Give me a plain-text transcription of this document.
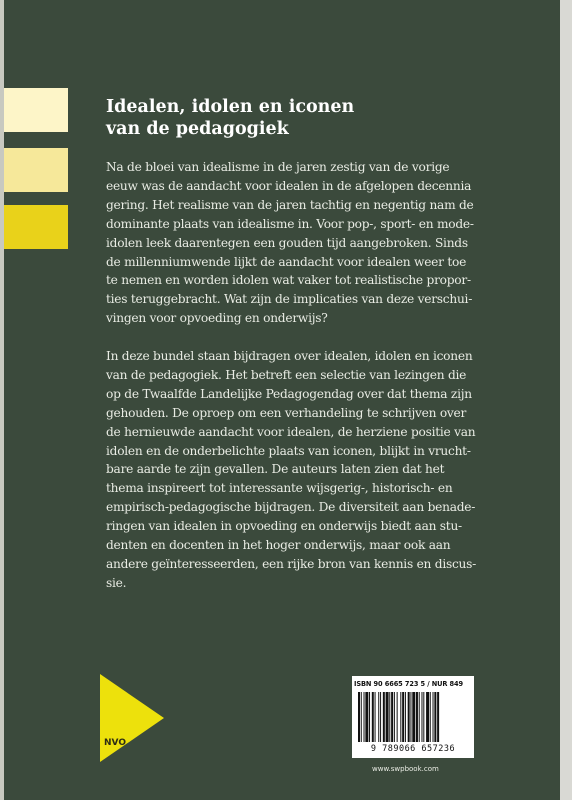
Idealen, idolen en iconen
van de pedagogiek
Na de bloei van idealisme in de jaren zestig van de vorige
eeuw was de aandacht voor idealen in de afgelopen decennia
gering. Het realisme van de jaren tachtig en negentig nam de
dominante plaats van idealisme in. Voor pop-, sport- en mode-
idolen leek daarentegen een gouden tijd aangebroken. Sinds
de millenniumwende lijkt de aandacht voor idealen weer toe
te nemen en worden idolen wat vaker tot realistische propor-
ties teruggebracht. Wat zijn de implicaties van deze verschui-
vingen voor opvoeding en onderwijs?
In deze bundel staan bijdragen over idealen, idolen en iconen
van de pedagogiek. Het betreft een selectie van lezingen die
op de Twaalfde Landelijke Pedagogendag over dat thema zijn
gehouden. De oproep om een verhandeling te schrijven over
de hernieuwde aandacht voor idealen, de herziene positie van
idolen en de onderbelichte plaats van iconen, blijkt in vrucht-
bare aarde te zijn gevallen. De auteurs laten zien dat het
thema inspireert tot interessante wijsgerig-, historisch- en
empirisch-pedagogische bijdragen. De diversiteit aan benade-
ringen van idealen in opvoeding en onderwijs biedt aan stu-
denten en docenten in het hoger onderwijs, maar ook aan
andere geïnteresseerden, een rijke bron van kennis en discus-
sie.
NVO
ISBN 90 6665 723 5 / NUR 849
9 789066 657236
www.swpbook.com
